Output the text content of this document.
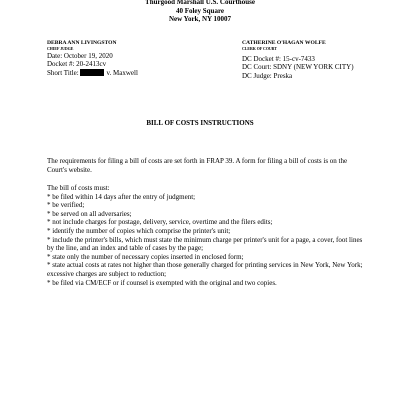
Thurgood Marshall U.S. Courthouse
40 Foley Square
New York, NY 10007
DEBRA ANN LIVINGSTON
CHIEF JUDGE
Date: October 19, 2020
Docket #: 20-2413cv
Short Title:	v. Maxwell
CATHERINE O'HAGAN WOLFE
CLERK OF COURT
DC Docket #: 15-cv-7433
DC Court: SDNY (NEW YORK CITY)
DC Judge: Preska
BILL OF COSTS INSTRUCTIONS
The requirements for filing a bill of costs are set forth in FRAP 39. A form for filing a bill of costs is on the Court's website.

The bill of costs must:

* be filed within 14 days after the entry of judgment;

* be verified;

* be served on all adversaries;

* not include charges for postage, delivery, service, overtime and the filers edits;

* identify the number of copies which comprise the printer's unit;

* include the printer's bills, which must state the minimum charge per printer's unit for a page, a cover, foot lines by the line, and an index and table of cases by the page;

* state only the number of necessary copies inserted in enclosed form;

* state actual costs at rates not higher than those generally charged for printing services in New York, New York; excessive charges are subject to reduction;

* be filed via CM/ECF or if counsel is exempted with the original and two copies.
